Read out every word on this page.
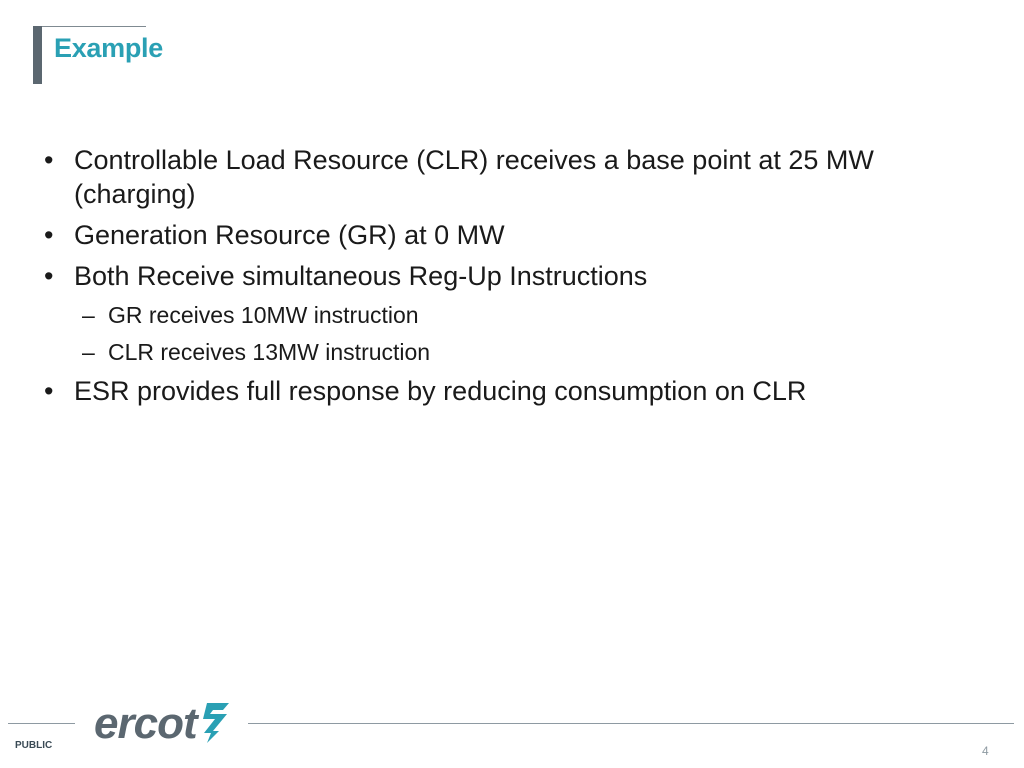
Example
• Controllable Load Resource (CLR) receives a base point at 25 MW (charging)
• Generation Resource (GR) at 0 MW
• Both Receive simultaneous Reg-Up Instructions
– GR receives 10MW instruction
– CLR receives 13MW instruction
• ESR provides full response by reducing consumption on CLR
ercot
PUBLIC	4
